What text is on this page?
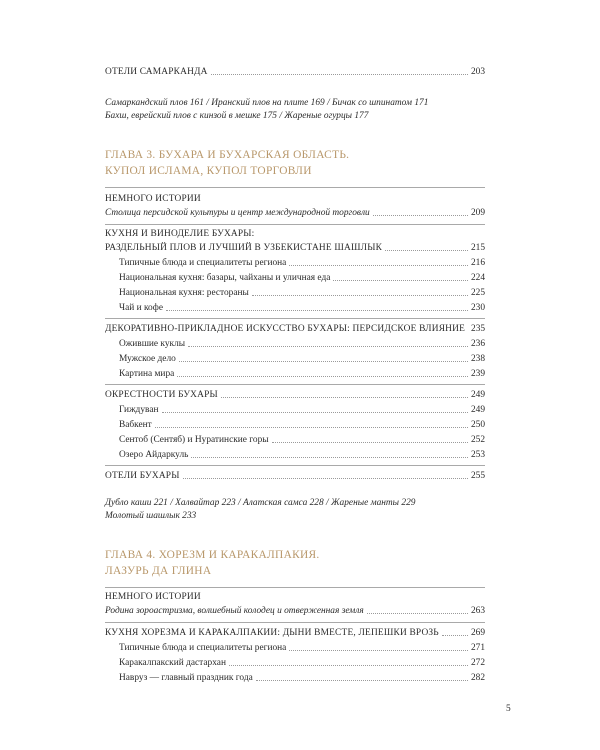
ОТЕЛИ САМАРКАНДА	203
Самаркандский плов 161 / Иранский плов на плите 169 / Бичак со шпинатом 171
Бахш, еврейский плов с кинзой в мешке 175 / Жареные огурцы 177
ГЛАВА 3. БУХАРА И БУХАРСКАЯ ОБЛАСТЬ.
КУПОЛ ИСЛАМА, КУПОЛ ТОРГОВЛИ
НЕМНОГО ИСТОРИИ
Столица персидской культуры и центр международной торговли	209
КУХНЯ И ВИНОДЕЛИЕ БУХАРЫ:
РАЗДЕЛЬНЫЙ ПЛОВ И ЛУЧШИЙ В УЗБЕКИСТАНЕ ШАШЛЫК	215
Типичные блюда и специалитеты региона	216
Национальная кухня: базары, чайханы и уличная еда	224
Национальная кухня: рестораны	225
Чай и кофе	230
ДЕКОРАТИВНО-ПРИКЛАДНОЕ ИСКУССТВО БУХАРЫ: ПЕРСИДСКОЕ ВЛИЯНИЕ 235
Ожившие куклы	236
Мужское дело	238
Картина мира	239
ОКРЕСТНОСТИ БУХАРЫ	249
Гиждуван	249
Вабкент	250
Сентоб (Сентяб) и Нуратинские горы	252
Озеро Айдаркуль	253
ОТЕЛИ БУХАРЫ	255
Дубло каши 221 / Халвайтар 223 / Алатская самса 228 / Жареные манты 229
Молотый шашлык 233
ГЛАВА 4. ХОРЕЗМ И КАРАКАЛПАКИЯ.
ЛАЗУРЬ ДА ГЛИНА
НЕМНОГО ИСТОРИИ
Родина зороастризма, волшебный колодец и отверженная земля	263
КУХНЯ ХОРЕЗМА И КАРАКАЛПАКИИ: ДЫНИ ВМЕСТЕ, ЛЕПЕШКИ ВРОЗЬ	269
Типичные блюда и специалитеты региона	271
Каракалпакский дастархан	272
Навруз — главный праздник года	282
5
